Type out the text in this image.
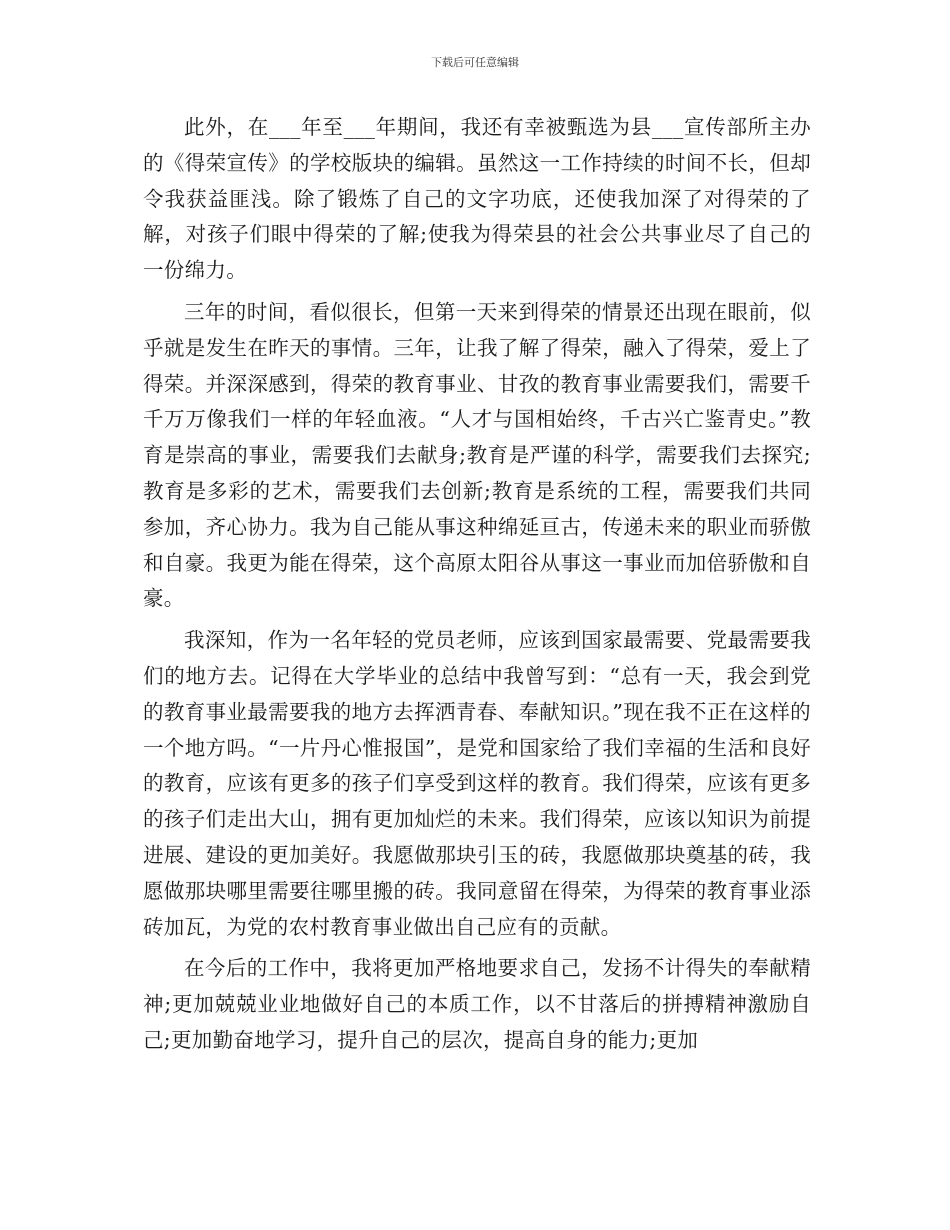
下载后可任意编辑

此外，在___年至___年期间，我还有幸被甄选为县___宣传部所主办的《得荣宣传》的学校版块的编辑。虽然这一工作持续的时间不长，但却令我获益匪浅。除了锻炼了自己的文字功底，还使我加深了对得荣的了解，对孩子们眼中得荣的了解;使我为得荣县的社会公共事业尽了自己的一份绵力。

三年的时间，看似很长，但第一天来到得荣的情景还出现在眼前，似乎就是发生在昨天的事情。三年，让我了解了得荣，融入了得荣，爱上了得荣。并深深感到，得荣的教育事业、甘孜的教育事业需要我们，需要千千万万像我们一样的年轻血液。“人才与国相始终，千古兴亡鉴青史。”教育是崇高的事业，需要我们去献身;教育是严谨的科学，需要我们去探究;教育是多彩的艺术，需要我们去创新;教育是系统的工程，需要我们共同参加，齐心协力。我为自己能从事这种绵延亘古，传递未来的职业而骄傲和自豪。我更为能在得荣，这个高原太阳谷从事这一事业而加倍骄傲和自豪。

我深知，作为一名年轻的党员老师，应该到国家最需要、党最需要我们的地方去。记得在大学毕业的总结中我曾写到：“总有一天，我会到党的教育事业最需要我的地方去挥洒青春、奉献知识。”现在我不正在这样的一个地方吗。“一片丹心惟报国”，是党和国家给了我们幸福的生活和良好的教育，应该有更多的孩子们享受到这样的教育。我们得荣，应该有更多的孩子们走出大山，拥有更加灿烂的未来。我们得荣，应该以知识为前提进展、建设的更加美好。我愿做那块引玉的砖，我愿做那块奠基的砖，我愿做那块哪里需要往哪里搬的砖。我同意留在得荣，为得荣的教育事业添砖加瓦，为党的农村教育事业做出自己应有的贡献。

在今后的工作中，我将更加严格地要求自己，发扬不计得失的奉献精神;更加兢兢业业地做好自己的本质工作，以不甘落后的拼搏精神激励自己;更加勤奋地学习，提升自己的层次，提高自身的能力;更加
